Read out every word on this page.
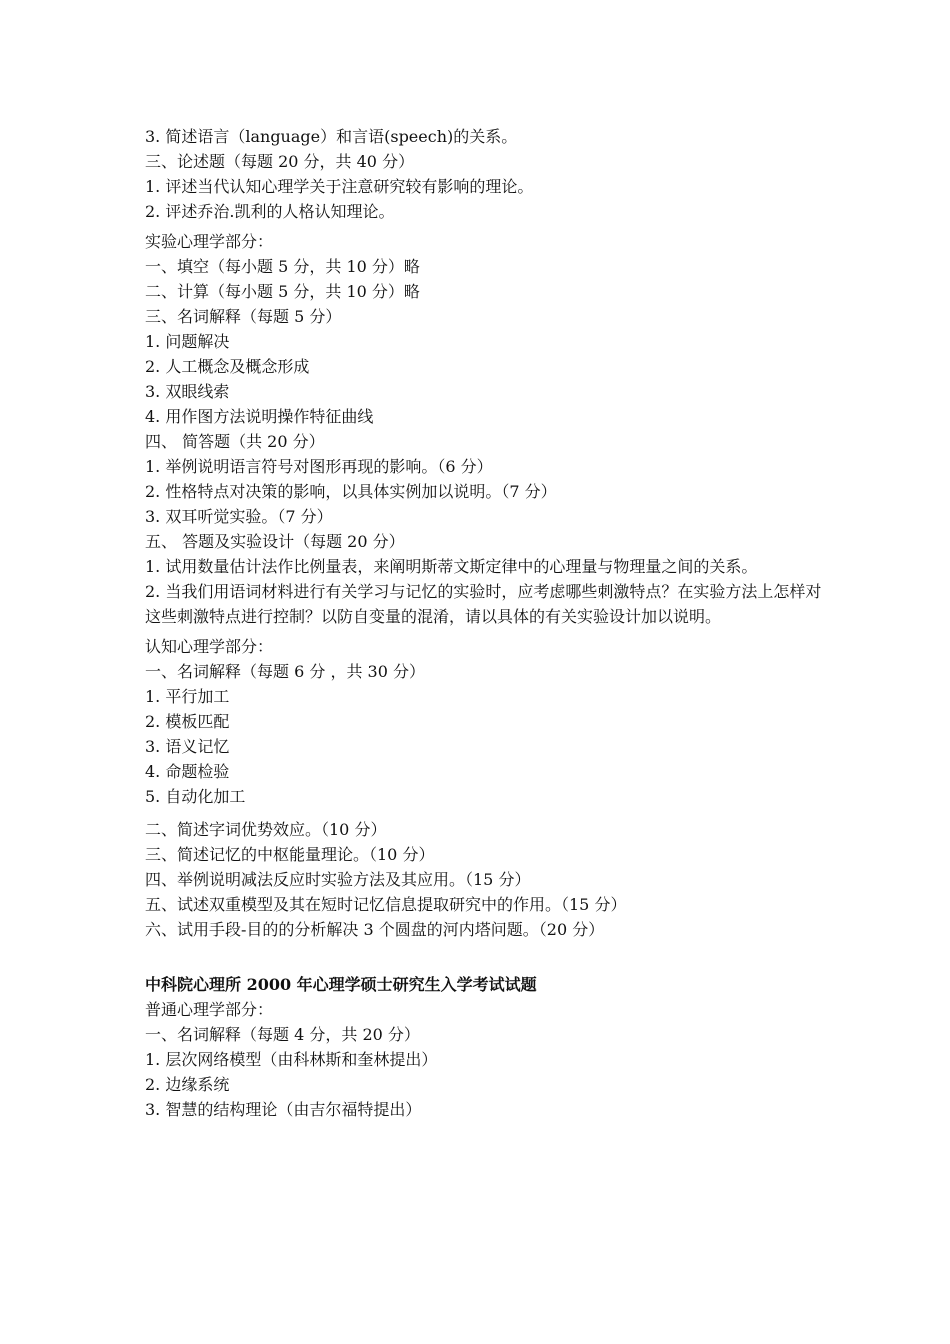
3. 简述语言（language）和言语(speech)的关系。
三、论述题（每题 20 分，共 40 分）
1. 评述当代认知心理学关于注意研究较有影响的理论。
2. 评述乔治.凯利的人格认知理论。
实验心理学部分：
一、填空（每小题 5 分，共 10 分）略
二、计算（每小题 5 分，共 10 分）略
三、名词解释（每题 5 分）
1. 问题解决
2. 人工概念及概念形成
3. 双眼线索
4. 用作图方法说明操作特征曲线
四、 简答题（共 20 分）
1. 举例说明语言符号对图形再现的影响。（6 分）
2. 性格特点对决策的影响，以具体实例加以说明。（7 分）
3. 双耳听觉实验。（7 分）
五、 答题及实验设计（每题 20 分）
1. 试用数量估计法作比例量表，来阐明斯蒂文斯定律中的心理量与物理量之间的关系。
2. 当我们用语词材料进行有关学习与记忆的实验时，应考虑哪些刺激特点？在实验方法上怎样对这些刺激特点进行控制？以防自变量的混淆，请以具体的有关实验设计加以说明。
认知心理学部分：
一、名词解释（每题 6 分 ，共 30 分）
1. 平行加工
2. 模板匹配
3. 语义记忆
4. 命题检验
5. 自动化加工
二、简述字词优势效应。（10 分）
三、简述记忆的中枢能量理论。（10 分）
四、举例说明减法反应时实验方法及其应用。（15 分）
五、试述双重模型及其在短时记忆信息提取研究中的作用。（15 分）
六、试用手段-目的的分析解决 3 个圆盘的河内塔问题。（20 分）
中科院心理所 2000 年心理学硕士研究生入学考试试题
普通心理学部分：
一、名词解释（每题 4 分，共 20 分）
1. 层次网络模型（由科林斯和奎林提出）
2. 边缘系统
3. 智慧的结构理论（由吉尔福特提出）
